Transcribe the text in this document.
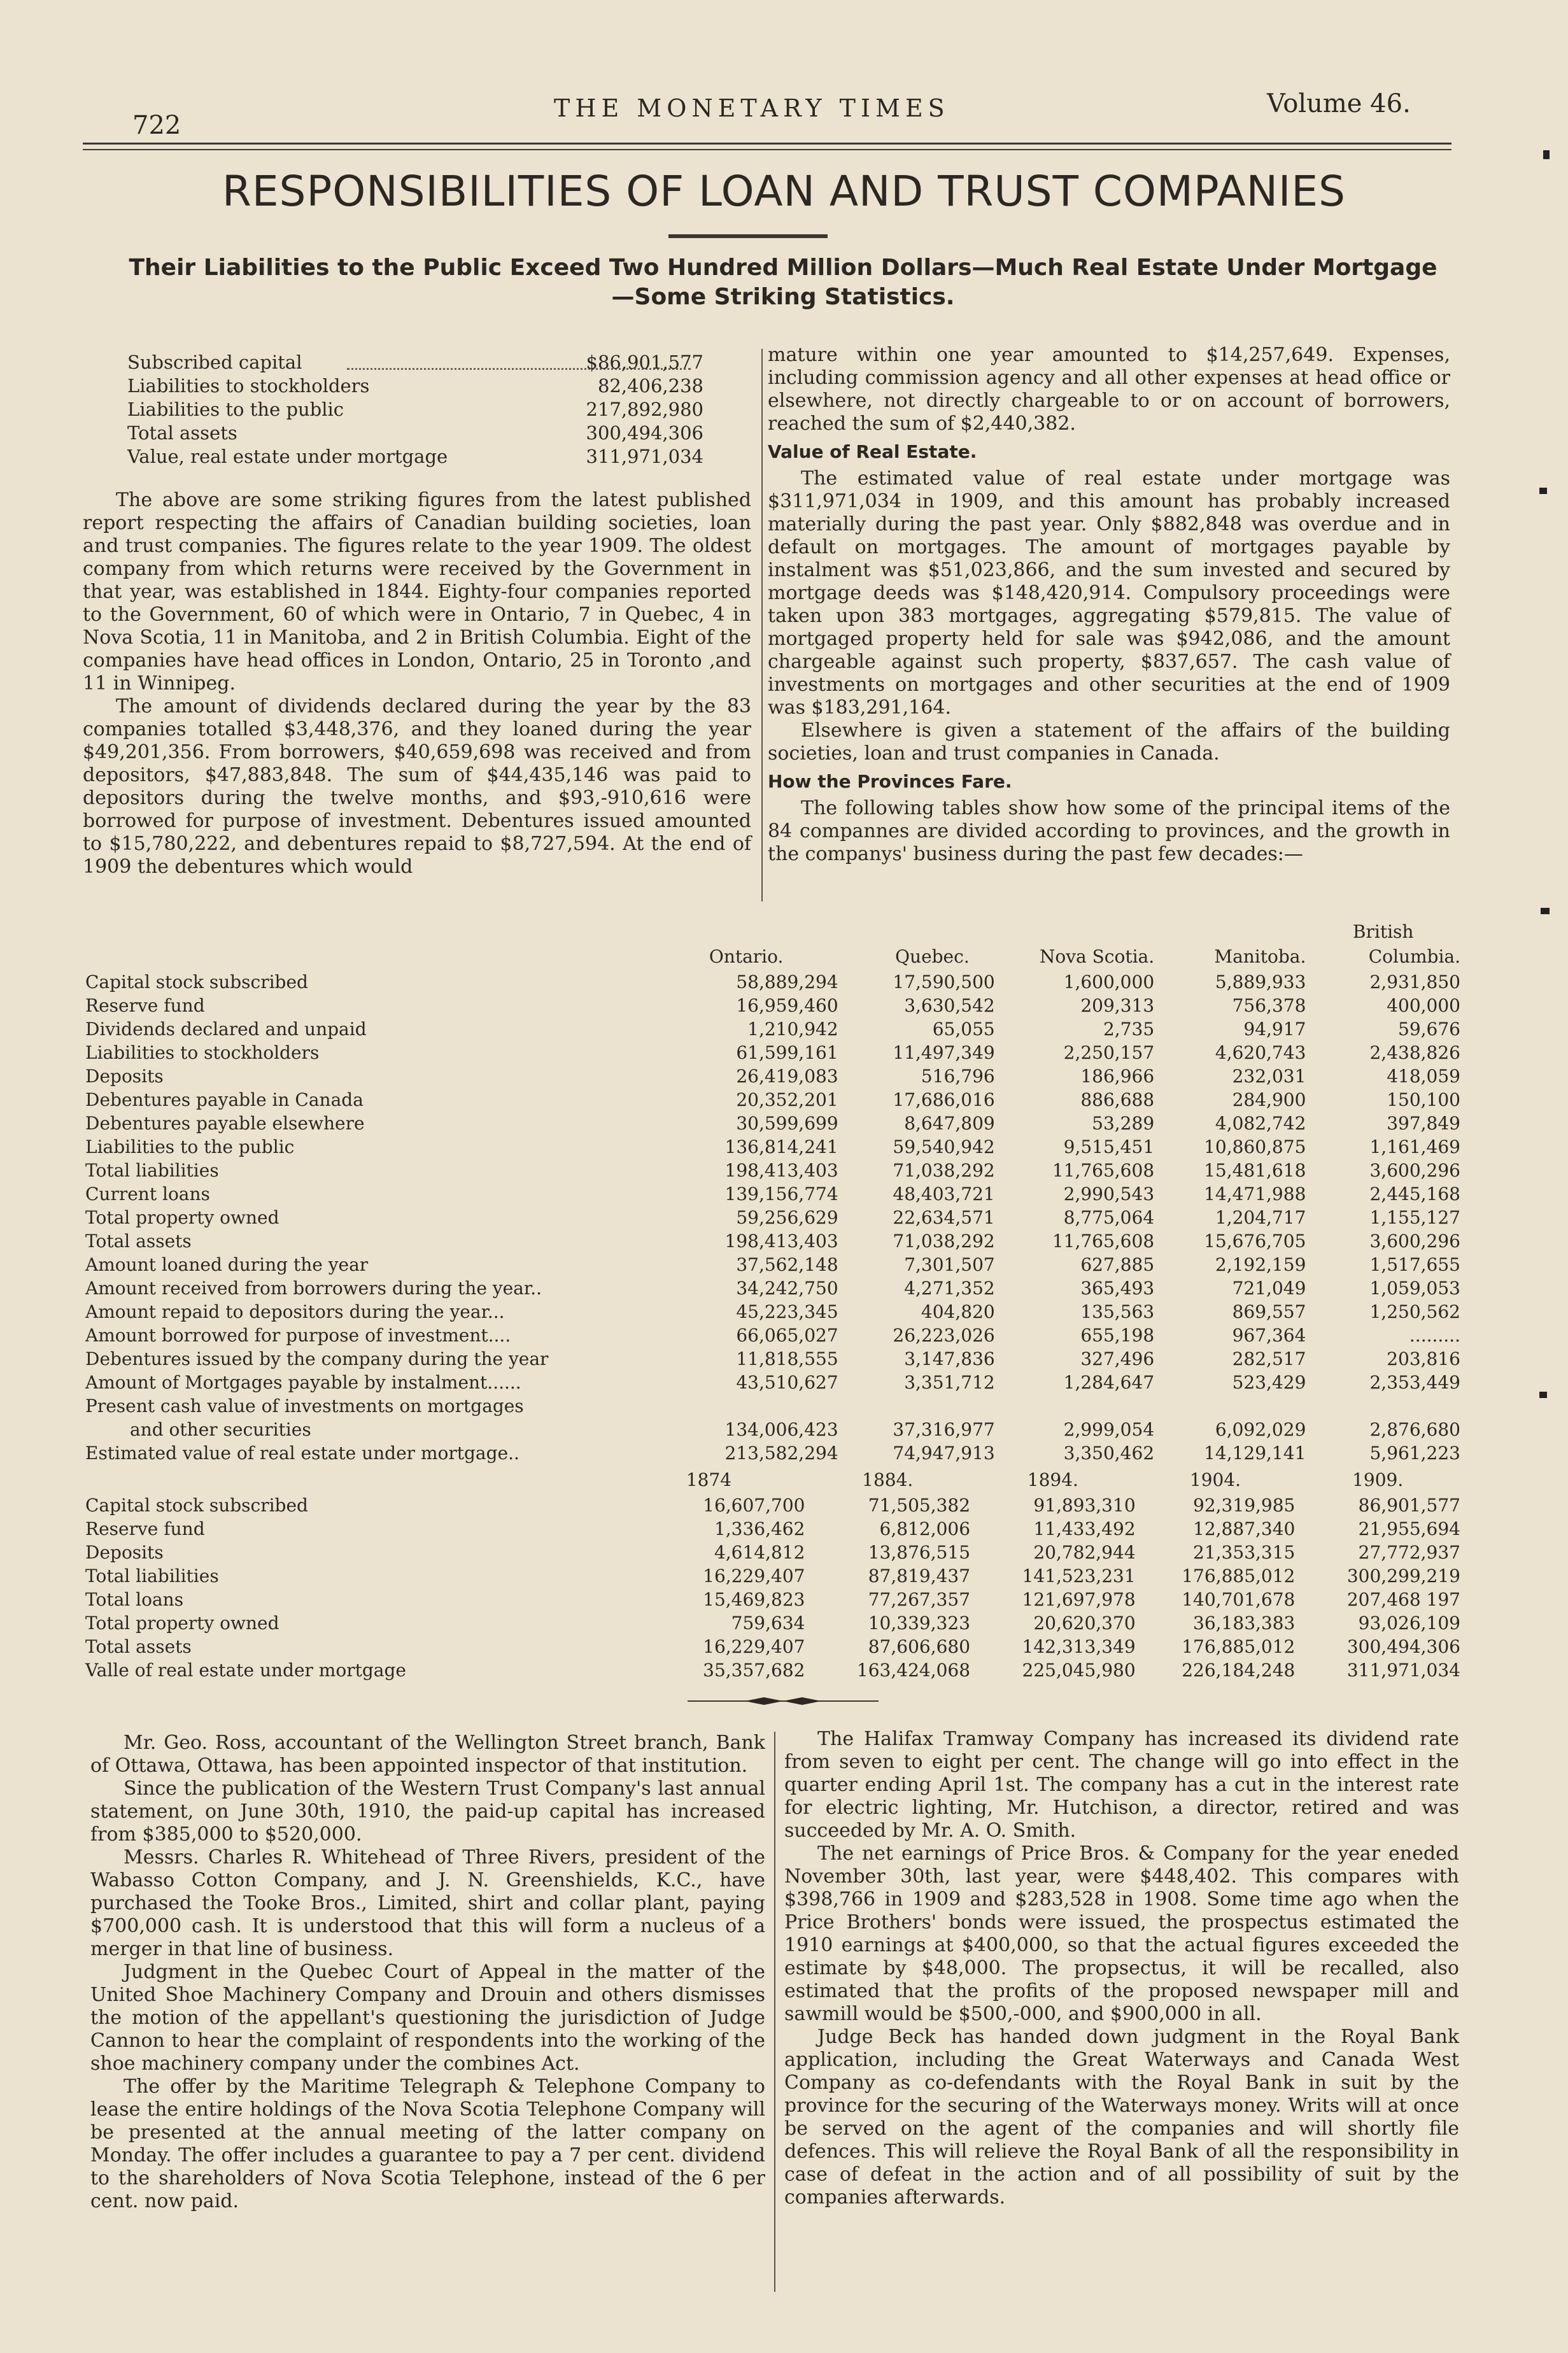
722
THE MONETARY TIMES	Volume 46.
RESPONSIBILITIES OF LOAN AND TRUST COMPANIES
Their Liabilities to the Public Exceed Two Hundred Million Dollars—Much Real Estate Under Mortgage
—Some Striking Statistics.
Subscribed capital	$86,901,577
Liabilities to stockholders	82,406,238
Liabilities to the public	217,892,980
Total assets	300,494,306
Value, real estate under mortgage	311,971,034

The above are some striking figures from the latest published report respecting the affairs of Canadian building societies, loan and trust companies. The figures relate to the year 1909. The oldest company from which returns were received by the Government in that year, was established in 1844. Eighty-four companies reported to the Government, 60 of which were in Ontario, 7 in Quebec, 4 in Nova Scotia, 11 in Manitoba, and 2 in British Columbia. Eight of the companies have head offices in London, Ontario, 25 in Toronto ,and 11 in Winnipeg.

The amount of dividends declared during the year by the 83 companies totalled $3,448,376, and they loaned during the year $49,201,356. From borrowers, $40,659,698 was received and from depositors, $47,883,848. The sum of $44,435,146 was paid to depositors during the twelve months, and $93,-910,616 were borrowed for purpose of investment. Debentures issued amounted to $15,780,222, and debentures repaid to $8,727,594. At the end of 1909 the debentures which would

mature within one year amounted to $14,257,649. Expenses, including commission agency and all other expenses at head office or elsewhere, not directly chargeable to or on account of borrowers, reached the sum of $2,440,382.

Value of Real Estate.

The estimated value of real estate under mortgage was $311,971,034 in 1909, and this amount has probably increased materially during the past year. Only $882,848 was overdue and in default on mortgages. The amount of mortgages payable by instalment was $51,023,866, and the sum invested and secured by mortgage deeds was $148,420,914. Compulsory proceedings were taken upon 383 mortgages, aggregating $579,815. The value of mortgaged property held for sale was $942,086, and the amount chargeable against such property, $837,657. The cash value of investments on mortgages and other securities at the end of 1909 was $183,291,164.

Elsewhere is given a statement of the affairs of the building societies, loan and trust companies in Canada.

How the Provinces Fare.

The following tables show how some of the principal items of the 84 compannes are divided according to provinces, and the growth in the companys' business during the past few decades:—

					British
	Ontario.	Quebec.	Nova Scotia.	Manitoba.	Columbia.
Capital stock subscribed	58,889,294	17,590,500	1,600,000	5,889,933	2,931,850
Reserve fund	16,959,460	3,630,542	209,313	756,378	400,000
Dividends declared and unpaid	1,210,942	65,055	2,735	94,917	59,676
Liabilities to stockholders	61,599,161	11,497,349	2,250,157	4,620,743	2,438,826
Deposits	26,419,083	516,796	186,966	232,031	418,059
Debentures payable in Canada	20,352,201	17,686,016	886,688	284,900	150,100
Debentures payable elsewhere	30,599,699	8,647,809	53,289	4,082,742	397,849
Liabilities to the public	136,814,241	59,540,942	9,515,451	10,860,875	1,161,469
Total liabilities	198,413,403	71,038,292	11,765,608	15,481,618	3,600,296
Current loans	139,156,774	48,403,721	2,990,543	14,471,988	2,445,168
Total property owned	59,256,629	22,634,571	8,775,064	1,204,717	1,155,127
Total assets	198,413,403	71,038,292	11,765,608	15,676,705	3,600,296
Amount loaned during the year	37,562,148	7,301,507	627,885	2,192,159	1,517,655
Amount received from borrowers during the year..	34,242,750	4,271,352	365,493	721,049	1,059,053
Amount repaid to depositors during the year...	45,223,345	404,820	135,563	869,557	1,250,562
Amount borrowed for purpose of investment....	66,065,027	26,223,026	655,198	967,364	.........
Debentures issued by the company during the year	11,818,555	3,147,836	327,496	282,517	203,816
Amount of Mortgages payable by instalment......	43,510,627	3,351,712	1,284,647	523,429	2,353,449
Present cash value of investments on mortgages					
and other securities	134,006,423	37,316,977	2,999,054	6,092,029	2,876,680
Estimated value of real estate under mortgage..	213,582,294	74,947,913	3,350,462	14,129,141	5,961,223
	1874	1884.	1894.	1904.	1909.
Capital stock subscribed	16,607,700	71,505,382	91,893,310	92,319,985	86,901,577
Reserve fund	1,336,462	6,812,006	11,433,492	12,887,340	21,955,694
Deposits	4,614,812	13,876,515	20,782,944	21,353,315	27,772,937
Total liabilities	16,229,407	87,819,437	141,523,231	176,885,012	300,299,219
Total loans	15,469,823	77,267,357	121,697,978	140,701,678	207,468 197
Total property owned	759,634	10,339,323	20,620,370	36,183,383	93,026,109
Total assets	16,229,407	87,606,680	142,313,349	176,885,012	300,494,306
Valle of real estate under mortgage	35,357,682	163,424,068	225,045,980	226,184,248	311,971,034

Mr. Geo. Ross, accountant of the Wellington Street branch, Bank of Ottawa, Ottawa, has been appointed inspector of that institution.

Since the publication of the Western Trust Company's last annual statement, on June 30th, 1910, the paid-up capital has increased from $385,000 to $520,000.

Messrs. Charles R. Whitehead of Three Rivers, president of the Wabasso Cotton Company, and J. N. Greenshields, K.C., have purchased the Tooke Bros., Limited, shirt and collar plant, paying $700,000 cash. It is understood that this will form a nucleus of a merger in that line of business.

Judgment in the Quebec Court of Appeal in the matter of the United Shoe Machinery Company and Drouin and others dismisses the motion of the appellant's questioning the jurisdiction of Judge Cannon to hear the complaint of respondents into the working of the shoe machinery company under the combines Act.

The offer by the Maritime Telegraph & Telephone Company to lease the entire holdings of the Nova Scotia Telephone Company will be presented at the annual meeting of the latter company on Monday. The offer includes a guarantee to pay a 7 per cent. dividend to the shareholders of Nova Scotia Telephone, instead of the 6 per cent. now paid.

The Halifax Tramway Company has increased its dividend rate from seven to eight per cent. The change will go into effect in the quarter ending April 1st. The company has a cut in the interest rate for electric lighting, Mr. Hutchison, a director, retired and was succeeded by Mr. A. O. Smith.

The net earnings of Price Bros. & Company for the year eneded November 30th, last year, were $448,402. This compares with $398,766 in 1909 and $283,528 in 1908. Some time ago when the Price Brothers' bonds were issued, the prospectus estimated the 1910 earnings at $400,000, so that the actual figures exceeded the estimate by $48,000. The propsectus, it will be recalled, also estimated that the profits of the proposed newspaper mill and sawmill would be $500,-000, and $900,000 in all.

Judge Beck has handed down judgment in the Royal Bank application, including the Great Waterways and Canada West Company as co-defendants with the Royal Bank in suit by the province for the securing of the Waterways money. Writs will at once be served on the agent of the companies and will shortly file defences. This will relieve the Royal Bank of all the responsibility in case of defeat in the action and of all possibility of suit by the companies afterwards.
